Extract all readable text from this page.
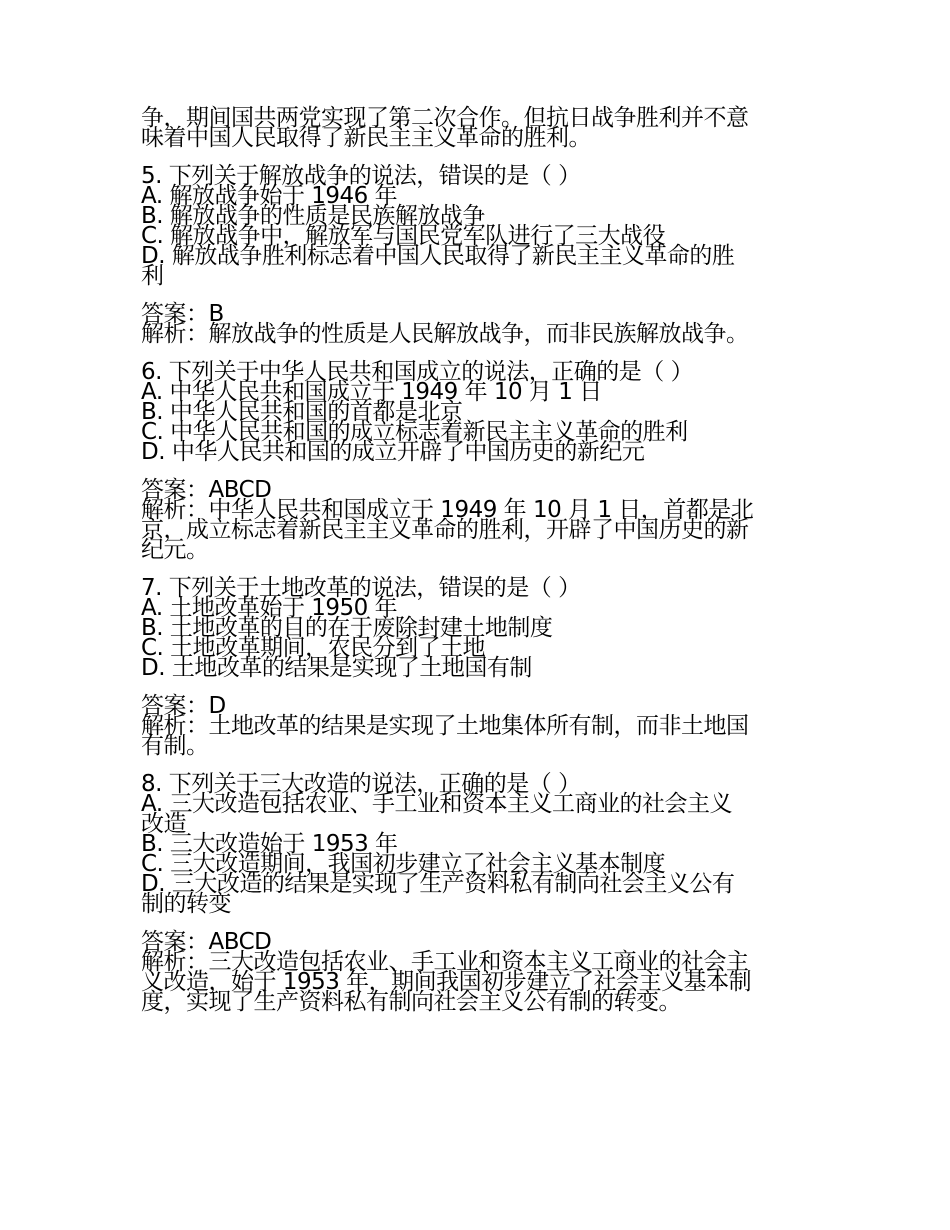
争，期间国共两党实现了第二次合作。但抗日战争胜利并不意
味着中国人民取得了新民主主义革命的胜利。
5. 下列关于解放战争的说法，错误的是（ ）
A. 解放战争始于 1946 年
B. 解放战争的性质是民族解放战争
C. 解放战争中，解放军与国民党军队进行了三大战役
D. 解放战争胜利标志着中国人民取得了新民主主义革命的胜
利
答案：B
解析：解放战争的性质是人民解放战争，而非民族解放战争。
6. 下列关于中华人民共和国成立的说法，正确的是（ ）
A. 中华人民共和国成立于 1949 年 10 月 1 日
B. 中华人民共和国的首都是北京
C. 中华人民共和国的成立标志着新民主主义革命的胜利
D. 中华人民共和国的成立开辟了中国历史的新纪元
答案：ABCD
解析：中华人民共和国成立于 1949 年 10 月 1 日，首都是北
京，成立标志着新民主主义革命的胜利，开辟了中国历史的新
纪元。
7. 下列关于土地改革的说法，错误的是（ ）
A. 土地改革始于 1950 年
B. 土地改革的目的在于废除封建土地制度
C. 土地改革期间，农民分到了土地
D. 土地改革的结果是实现了土地国有制
答案：D
解析：土地改革的结果是实现了土地集体所有制，而非土地国
有制。
8. 下列关于三大改造的说法，正确的是（ ）
A. 三大改造包括农业、手工业和资本主义工商业的社会主义
改造
B. 三大改造始于 1953 年
C. 三大改造期间，我国初步建立了社会主义基本制度
D. 三大改造的结果是实现了生产资料私有制向社会主义公有
制的转变
答案：ABCD
解析：三大改造包括农业、手工业和资本主义工商业的社会主
义改造，始于 1953 年，期间我国初步建立了社会主义基本制
度，实现了生产资料私有制向社会主义公有制的转变。
